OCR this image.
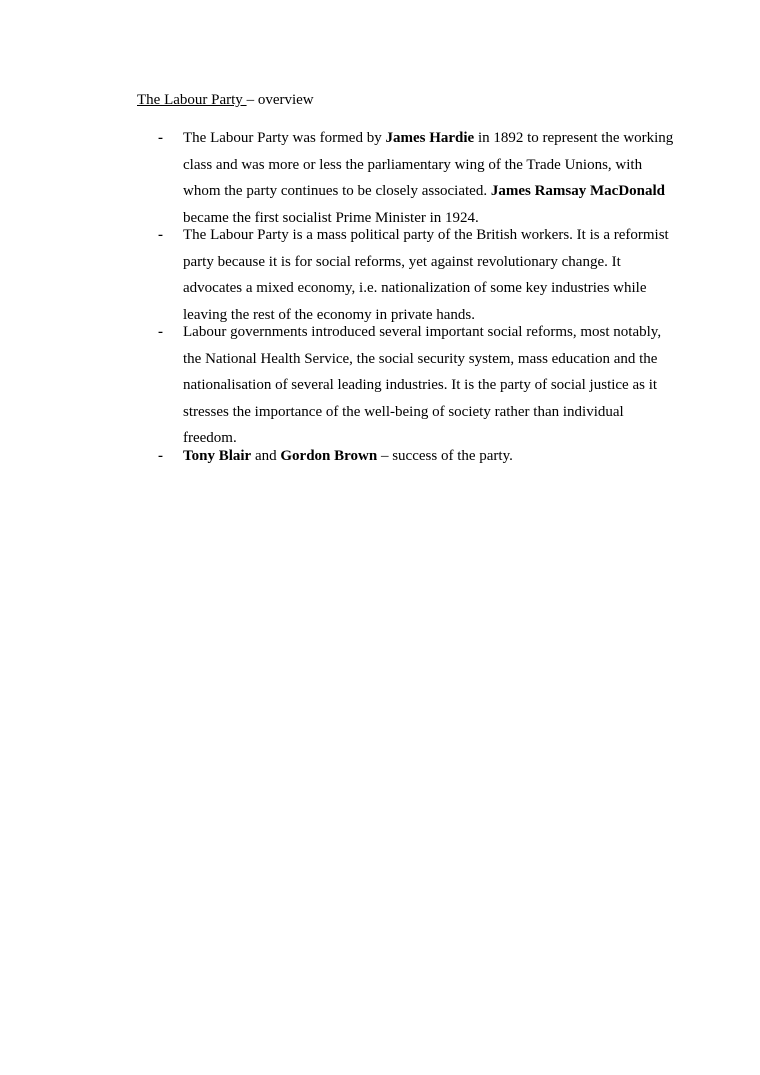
The Labour Party – overview
- The Labour Party was formed by James Hardie in 1892 to represent the working class and was more or less the parliamentary wing of the Trade Unions, with whom the party continues to be closely associated. James Ramsay MacDonald became the first socialist Prime Minister in 1924.
- The Labour Party is a mass political party of the British workers. It is a reformist party because it is for social reforms, yet against revolutionary change. It advocates a mixed economy, i.e. nationalization of some key industries while leaving the rest of the economy in private hands.
- Labour governments introduced several important social reforms, most notably, the National Health Service, the social security system, mass education and the nationalisation of several leading industries. It is the party of social justice as it stresses the importance of the well-being of society rather than individual freedom.
- Tony Blair and Gordon Brown – success of the party.
